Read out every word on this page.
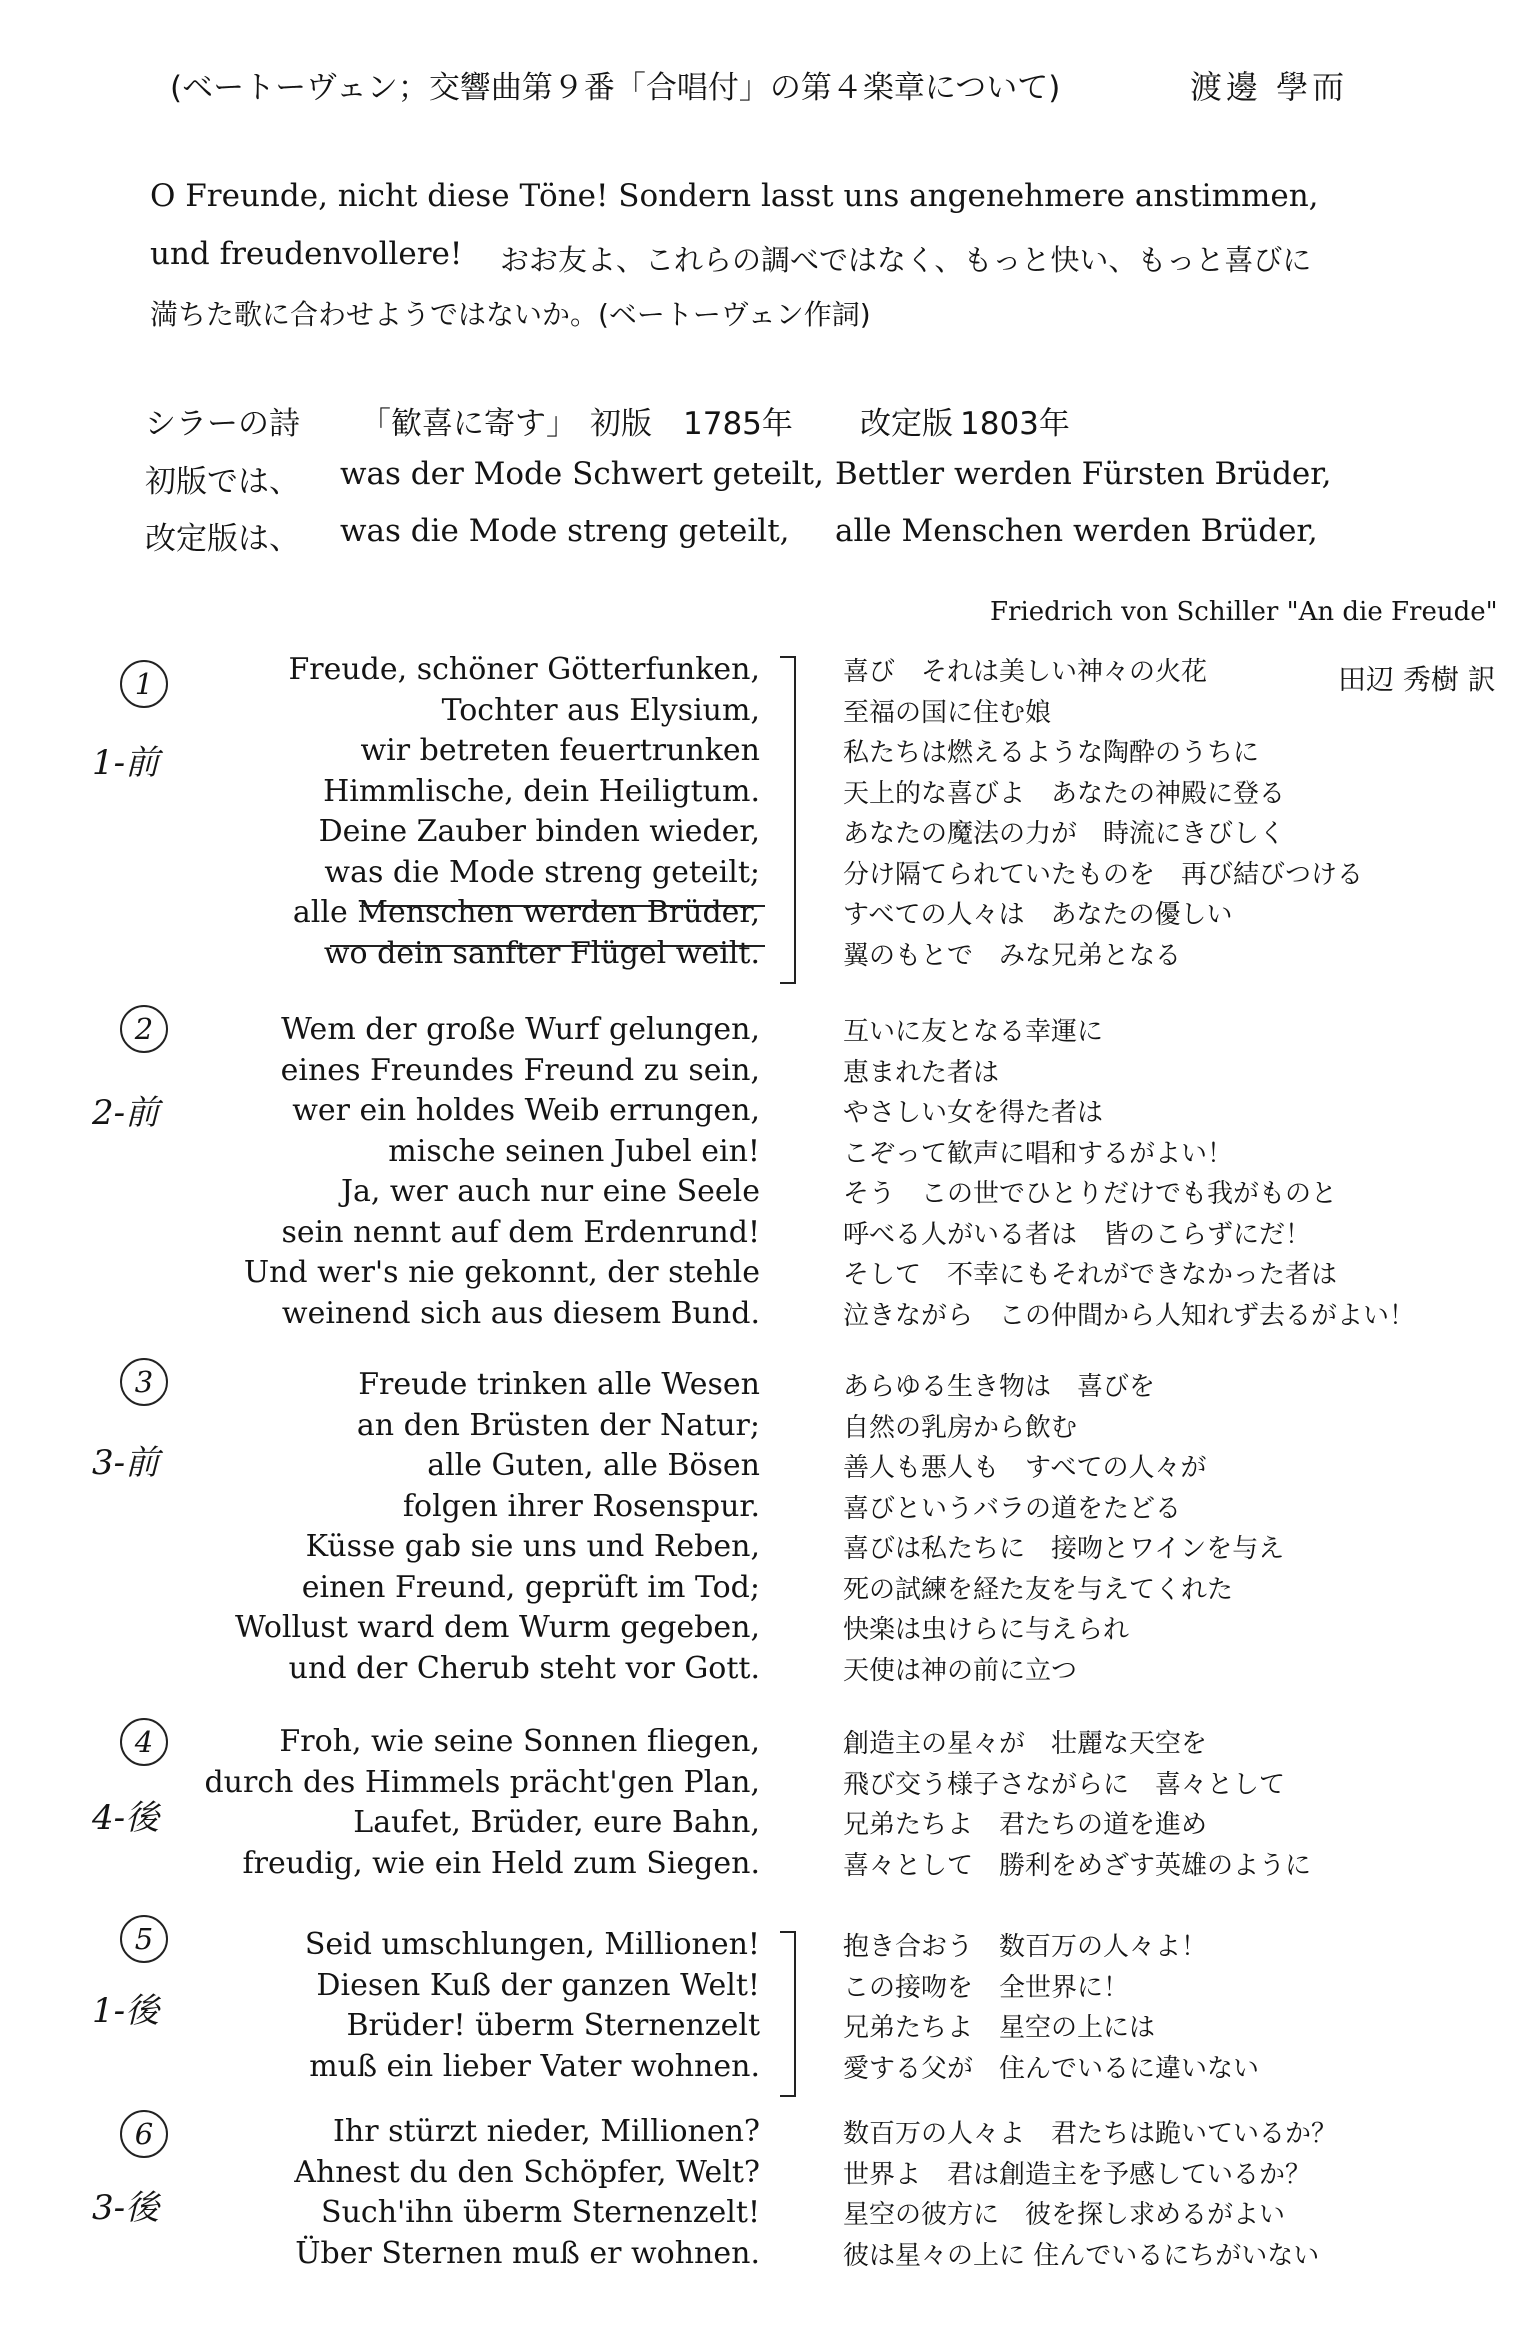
(ベートーヴェン；交響曲第９番「合唱付」の第４楽章について)	渡邊 學而
O Freunde, nicht diese Töne! Sondern lasst uns angenehmere anstimmen,
und freudenvollere! おお友よ、これらの調べではなく、もっと快い、もっと喜びに
満ちた歌に合わせようではないか。(ベートーヴェン作詞)
シラーの詩 「歓喜に寄す」 初版　1785年 改定版 1803年
初版では、 was der Mode Schwert geteilt, Bettler werden Fürsten Brüder,
改定版は、 was die Mode streng geteilt, alle Menschen werden Brüder,
Friedrich von Schiller "An die Freude"
田辺 秀樹 訳
1
1-前
Freude, schöner Götterfunken,
Tochter aus Elysium,
wir betreten feuertrunken
Himmlische, dein Heiligtum.
Deine Zauber binden wieder,
was die Mode streng geteilt;
alle Menschen werden Brüder,
wo dein sanfter Flügel weilt.
喜び　それは美しい神々の火花
至福の国に住む娘
私たちは燃えるような陶酔のうちに
天上的な喜びよ　あなたの神殿に登る
あなたの魔法の力が　時流にきびしく
分け隔てられていたものを　再び結びつける
すべての人々は　あなたの優しい
翼のもとで　みな兄弟となる
2
2-前
Wem der große Wurf gelungen,
eines Freundes Freund zu sein,
wer ein holdes Weib errungen,
mische seinen Jubel ein!
Ja, wer auch nur eine Seele
sein nennt auf dem Erdenrund!
Und wer's nie gekonnt, der stehle
weinend sich aus diesem Bund.
互いに友となる幸運に
恵まれた者は
やさしい女を得た者は
こぞって歓声に唱和するがよい！
そう　この世でひとりだけでも我がものと
呼べる人がいる者は　皆のこらずにだ！
そして　不幸にもそれができなかった者は
泣きながら　この仲間から人知れず去るがよい！
3
3-前
Freude trinken alle Wesen
an den Brüsten der Natur;
alle Guten, alle Bösen
folgen ihrer Rosenspur.
Küsse gab sie uns und Reben,
einen Freund, geprüft im Tod;
Wollust ward dem Wurm gegeben,
und der Cherub steht vor Gott.
あらゆる生き物は　喜びを
自然の乳房から飲む
善人も悪人も　すべての人々が
喜びというバラの道をたどる
喜びは私たちに　接吻とワインを与え
死の試練を経た友を与えてくれた
快楽は虫けらに与えられ
天使は神の前に立つ
4
4-後
Froh, wie seine Sonnen fliegen,
durch des Himmels prächt'gen Plan,
Laufet, Brüder, eure Bahn,
freudig, wie ein Held zum Siegen.
創造主の星々が　壮麗な天空を
飛び交う様子さながらに　喜々として
兄弟たちよ　君たちの道を進め
喜々として　勝利をめざす英雄のように
5
1-後
Seid umschlungen, Millionen!
Diesen Kuß der ganzen Welt!
Brüder! überm Sternenzelt
muß ein lieber Vater wohnen.
抱き合おう　数百万の人々よ！
この接吻を　全世界に！
兄弟たちよ　星空の上には
愛する父が　住んでいるに違いない
6
3-後
Ihr stürzt nieder, Millionen?
Ahnest du den Schöpfer, Welt?
Such'ihn überm Sternenzelt!
Über Sternen muß er wohnen.
数百万の人々よ　君たちは跪いているか？
世界よ　君は創造主を予感しているか？
星空の彼方に　彼を探し求めるがよい
彼は星々の上に 住んでいるにちがいない
